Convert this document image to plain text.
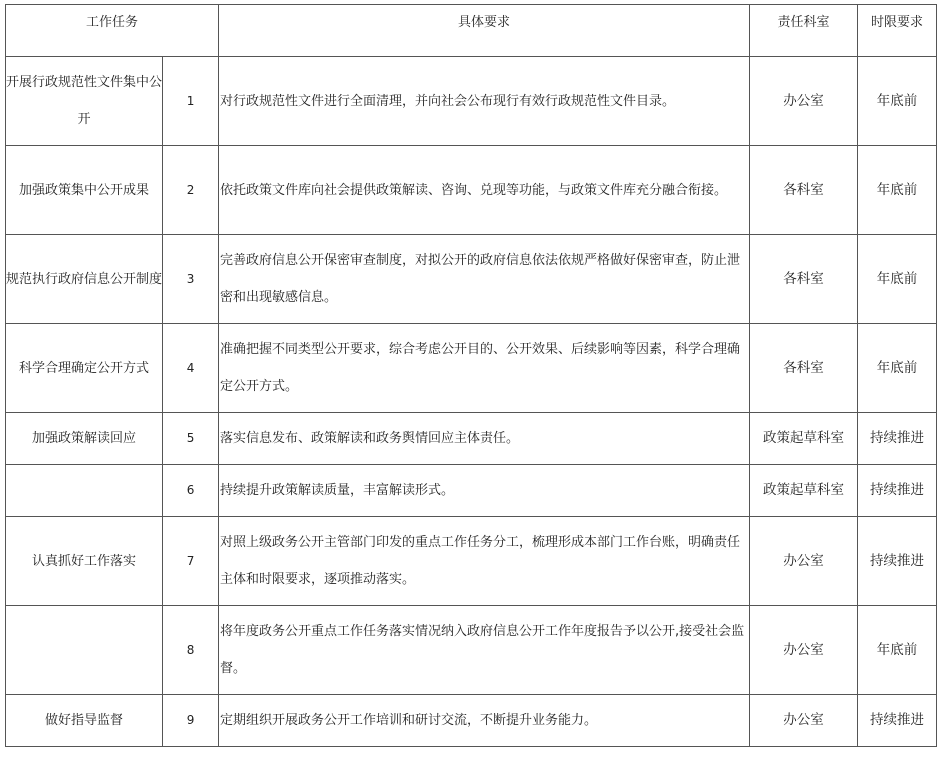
工作任务		具体要求	责任科室	时限要求
开展行政规范性文件集中公开	1	对行政规范性文件进行全面清理，并向社会公布现行有效行政规范性文件目录。	办公室	年底前
加强政策集中公开成果	2	依托政策文件库向社会提供政策解读、咨询、兑现等功能，与政策文件库充分融合衔接。	各科室	年底前
规范执行政府信息公开制度	3	完善政府信息公开保密审查制度，对拟公开的政府信息依法依规严格做好保密审查，防止泄密和出现敏感信息。	各科室	年底前
科学合理确定公开方式	4	准确把握不同类型公开要求，综合考虑公开目的、公开效果、后续影响等因素，科学合理确定公开方式。	各科室	年底前
加强政策解读回应	5	落实信息发布、政策解读和政务舆情回应主体责任。	政策起草科室	持续推进
	6	持续提升政策解读质量，丰富解读形式。	政策起草科室	持续推进
认真抓好工作落实	7	对照上级政务公开主管部门印发的重点工作任务分工，梳理形成本部门工作台账，明确责任主体和时限要求，逐项推动落实。	办公室	持续推进
	8	将年度政务公开重点工作任务落实情况纳入政府信息公开工作年度报告予以公开,接受社会监督。	办公室	年底前
做好指导监督	9	定期组织开展政务公开工作培训和研讨交流，不断提升业务能力。	办公室	持续推进
